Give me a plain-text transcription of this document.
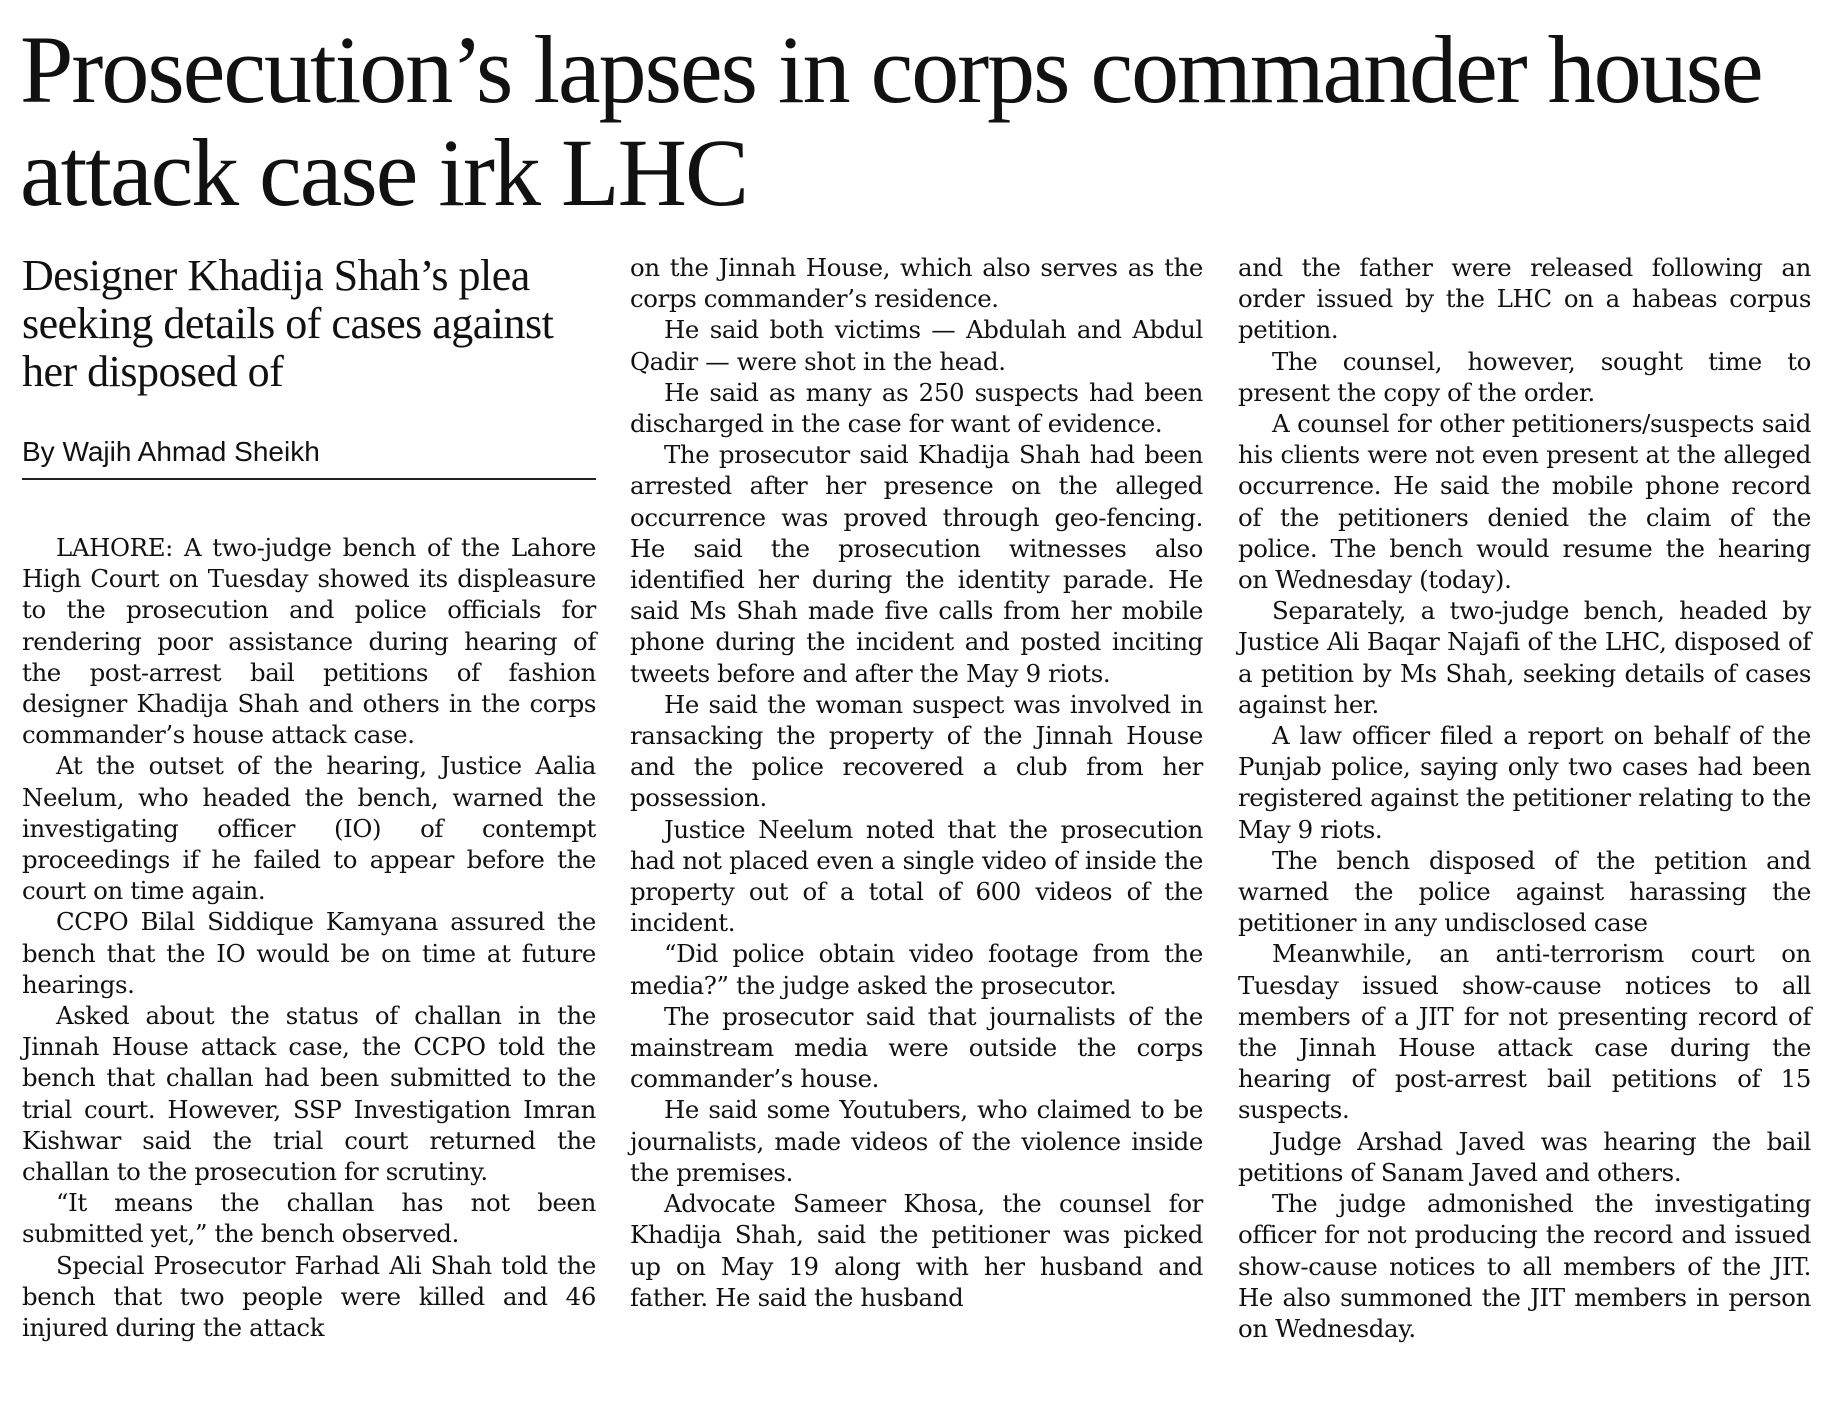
Prosecution’s lapses in corps commander house attack case irk LHC
Designer Khadija Shah’s plea seeking details of cases against her disposed of
By Wajih Ahmad Sheikh

LAHORE: A two-judge bench of the Lahore High Court on Tuesday showed its displeasure to the prosecution and police officials for rendering poor assistance during hearing of the post-arrest bail petitions of fashion designer Khadija Shah and others in the corps commander’s house attack case.

At the outset of the hearing, Justice Aalia Neelum, who headed the bench, warned the investigating officer (IO) of contempt proceedings if he failed to appear before the court on time again.

CCPO Bilal Siddique Kamyana assured the bench that the IO would be on time at future hearings.

Asked about the status of challan in the Jinnah House attack case, the CCPO told the bench that challan had been submitted to the trial court. However, SSP Investigation Imran Kishwar said the trial court returned the challan to the prosecution for scrutiny.

“It means the challan has not been submitted yet,” the bench observed.

Special Prosecutor Farhad Ali Shah told the bench that two people were killed and 46 injured during the attack

on the Jinnah House, which also serves as the corps commander’s residence.

He said both victims — Abdulah and Abdul Qadir — were shot in the head.

He said as many as 250 suspects had been discharged in the case for want of evidence.

The prosecutor said Khadija Shah had been arrested after her presence on the alleged occurrence was proved through geo-fencing. He said the prosecution witnesses also identified her during the identity parade. He said Ms Shah made five calls from her mobile phone during the incident and posted inciting tweets before and after the May 9 riots.

He said the woman suspect was involved in ransacking the property of the Jinnah House and the police recovered a club from her possession.

Justice Neelum noted that the prosecution had not placed even a single video of inside the property out of a total of 600 videos of the incident.

“Did police obtain video footage from the media?” the judge asked the prosecutor.

The prosecutor said that journalists of the mainstream media were outside the corps commander’s house.

He said some Youtubers, who claimed to be journalists, made videos of the violence inside the premises.

Advocate Sameer Khosa, the counsel for Khadija Shah, said the petitioner was picked up on May 19 along with her husband and father. He said the husband

and the father were released following an order issued by the LHC on a habeas corpus petition.

The counsel, however, sought time to present the copy of the order.

A counsel for other petitioners/suspects said his clients were not even present at the alleged occurrence. He said the mobile phone record of the petitioners denied the claim of the police. The bench would resume the hearing on Wednesday (today).

Separately, a two-judge bench, headed by Justice Ali Baqar Najafi of the LHC, disposed of a petition by Ms Shah, seeking details of cases against her.

A law officer filed a report on behalf of the Punjab police, saying only two cases had been registered against the petitioner relating to the May 9 riots.

The bench disposed of the petition and warned the police against harassing the petitioner in any undisclosed case

Meanwhile, an anti-terrorism court on Tuesday issued show-cause notices to all members of a JIT for not presenting record of the Jinnah House attack case during the hearing of post-arrest bail petitions of 15 suspects.

Judge Arshad Javed was hearing the bail petitions of Sanam Javed and others.

The judge admonished the investigating officer for not producing the record and issued show-cause notices to all members of the JIT. He also summoned the JIT members in person on Wednesday.
